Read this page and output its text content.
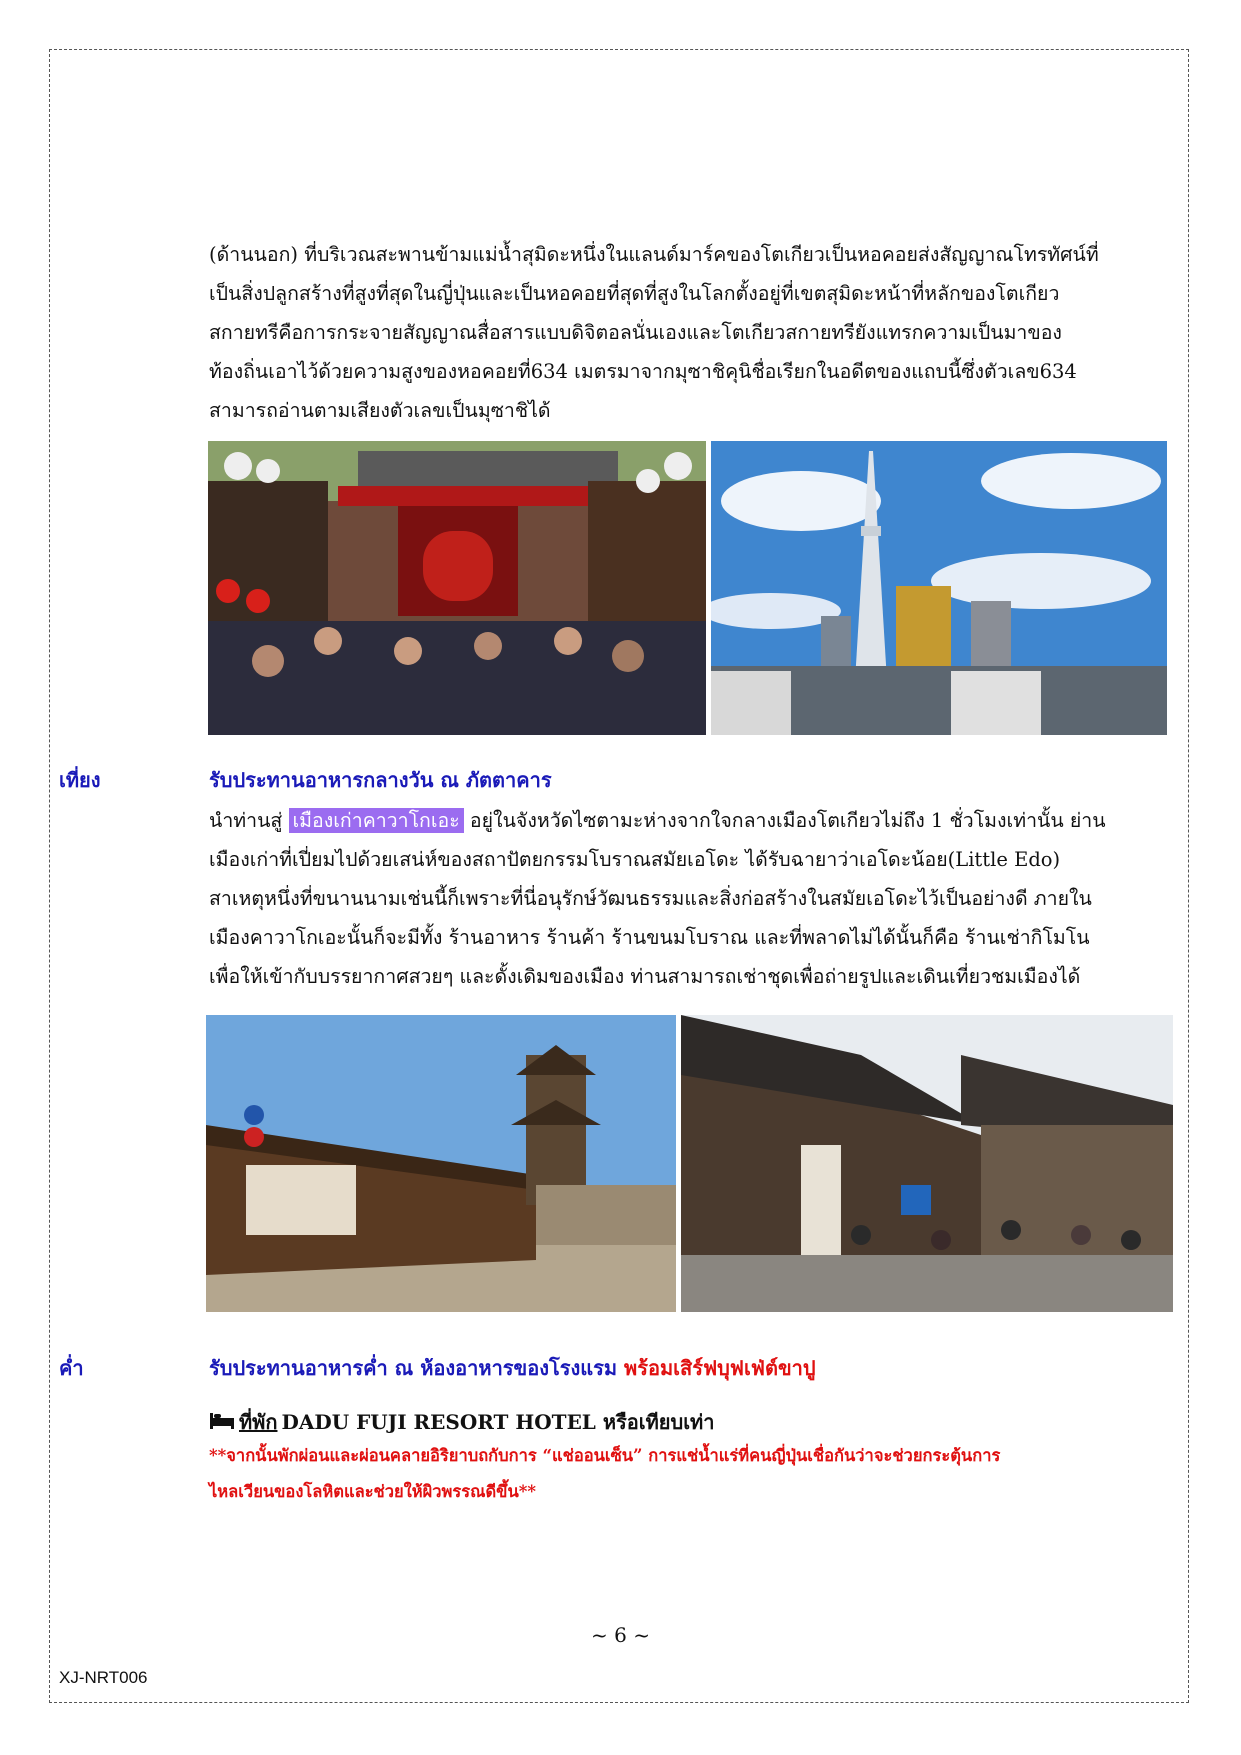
(ด้านนอก) ที่บริเวณสะพานข้ามแม่น้ำสุมิดะหนึ่งในแลนด์มาร์คของโตเกียวเป็นหอคอยส่งสัญญาณโทรทัศน์ที่
เป็นสิ่งปลูกสร้างที่สูงที่สุดในญี่ปุ่นและเป็นหอคอยที่สุดที่สูงในโลกตั้งอยู่ที่เขตสุมิดะหน้าที่หลักของโตเกียว
สกายทรีคือการกระจายสัญญาณสื่อสารแบบดิจิตอลนั่นเองและโตเกียวสกายทรียังแทรกความเป็นมาของ
ท้องถิ่นเอาไว้ด้วยความสูงของหอคอยที่634 เมตรมาจากมุซาชิคุนิชื่อเรียกในอดีตของแถบนี้ซึ่งตัวเลข634
สามารถอ่านตามเสียงตัวเลขเป็นมุซาชิได้
เที่ยง	รับประทานอาหารกลางวัน ณ ภัตตาคาร
นำท่านสู่ เมืองเก่าคาวาโกเอะ อยู่ในจังหวัดไซตามะห่างจากใจกลางเมืองโตเกียวไม่ถึง 1 ชั่วโมงเท่านั้น ย่าน
เมืองเก่าที่เปี่ยมไปด้วยเสน่ห์ของสถาปัตยกรรมโบราณสมัยเอโดะ ได้รับฉายาว่าเอโดะน้อย(Little Edo)
สาเหตุหนึ่งที่ขนานนามเช่นนี้ก็เพราะที่นี่อนุรักษ์วัฒนธรรมและสิ่งก่อสร้างในสมัยเอโดะไว้เป็นอย่างดี ภายใน
เมืองคาวาโกเอะนั้นก็จะมีทั้ง ร้านอาหาร ร้านค้า ร้านขนมโบราณ และที่พลาดไม่ได้นั้นก็คือ ร้านเช่ากิโมโน
เพื่อให้เข้ากับบรรยากาศสวยๆ และดั้งเดิมของเมือง ท่านสามารถเช่าชุดเพื่อถ่ายรูปและเดินเที่ยวชมเมืองได้
ค่ำ	รับประทานอาหารค่ำ ณ ห้องอาหารของโรงแรม พร้อมเสิร์ฟบุฟเฟ่ต์ขาปู
ที่พัก DADU FUJI RESORT HOTEL หรือเทียบเท่า
**จากนั้นพักผ่อนและผ่อนคลายอิริยาบถกับการ “แช่ออนเซ็น” การแช่น้ำแร่ที่คนญี่ปุ่นเชื่อกันว่าจะช่วยกระตุ้นการ
ไหลเวียนของโลหิตและช่วยให้ผิวพรรณดีขึ้น**
~ 6 ~
XJ-NRT006
